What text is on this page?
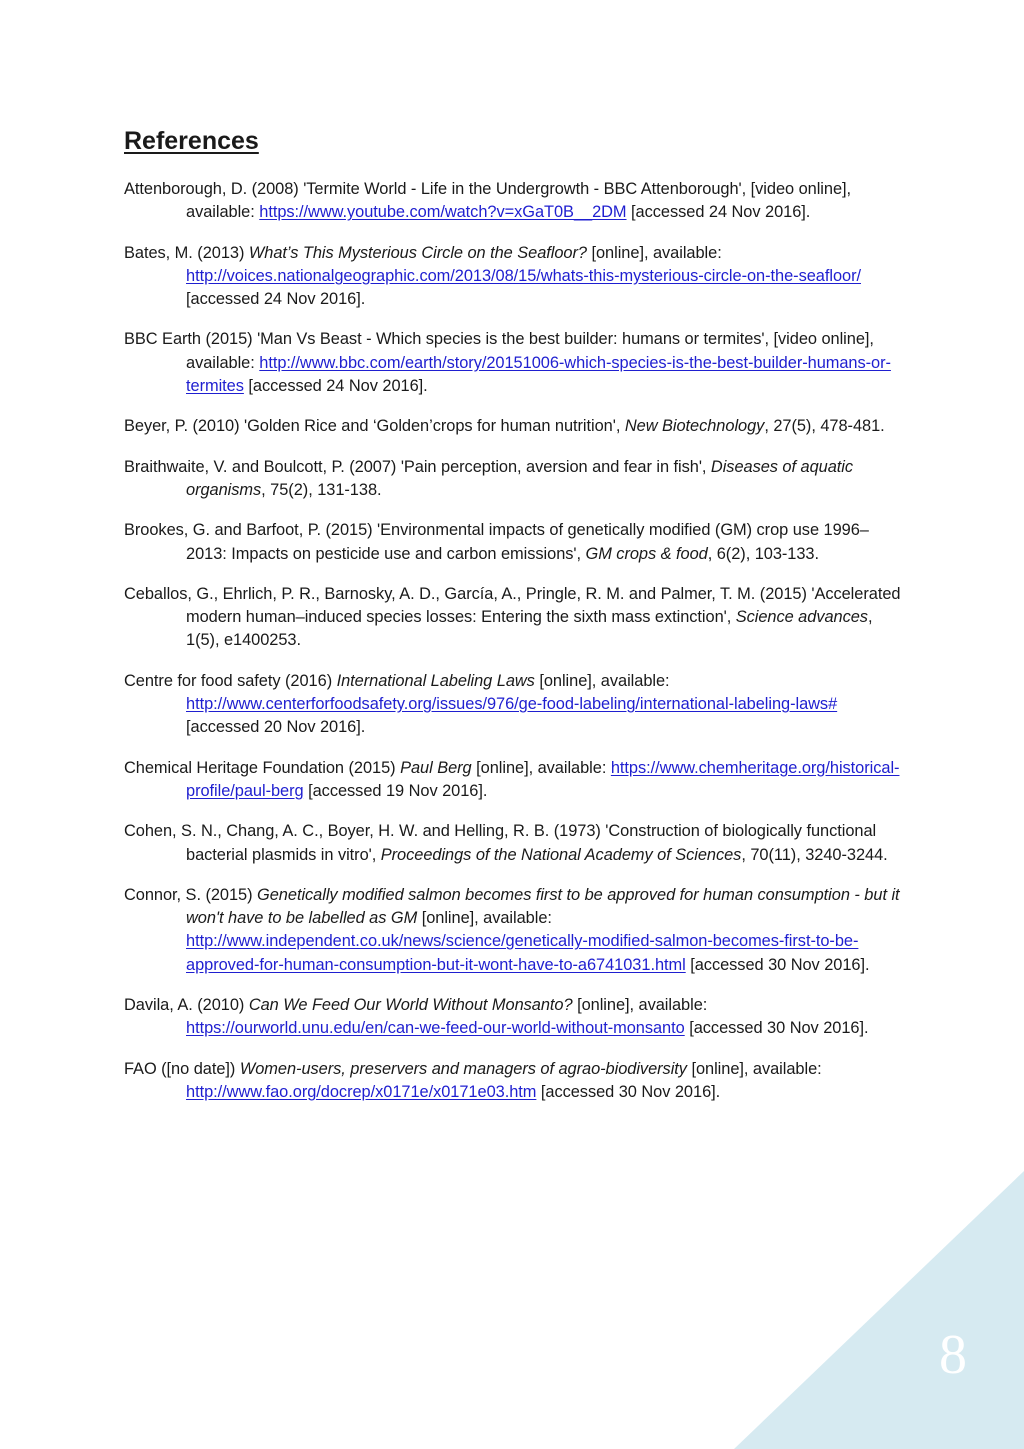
References

Attenborough, D. (2008) 'Termite World - Life in the Undergrowth - BBC Attenborough', [video online], available: https://www.youtube.com/watch?v=xGaT0B__2DM [accessed 24 Nov 2016].

Bates, M. (2013) What’s This Mysterious Circle on the Seafloor? [online], available: http://voices.nationalgeographic.com/2013/08/15/whats-this-mysterious-circle-on-the-seafloor/ [accessed 24 Nov 2016].

BBC Earth (2015) 'Man Vs Beast - Which species is the best builder: humans or termites', [video online], available: http://www.bbc.com/earth/story/20151006-which-species-is-the-best-builder-humans-or-termites [accessed 24 Nov 2016].

Beyer, P. (2010) 'Golden Rice and ‘Golden’crops for human nutrition', New Biotechnology, 27(5), 478-481.

Braithwaite, V. and Boulcott, P. (2007) 'Pain perception, aversion and fear in fish', Diseases of aquatic organisms, 75(2), 131-138.

Brookes, G. and Barfoot, P. (2015) 'Environmental impacts of genetically modified (GM) crop use 1996–2013: Impacts on pesticide use and carbon emissions', GM crops & food, 6(2), 103-133.

Ceballos, G., Ehrlich, P. R., Barnosky, A. D., García, A., Pringle, R. M. and Palmer, T. M. (2015) 'Accelerated modern human–induced species losses: Entering the sixth mass extinction', Science advances, 1(5), e1400253.

Centre for food safety (2016) International Labeling Laws [online], available: http://www.centerforfoodsafety.org/issues/976/ge-food-labeling/international-labeling-laws# [accessed 20 Nov 2016].

Chemical Heritage Foundation (2015) Paul Berg [online], available: https://www.chemheritage.org/historical-profile/paul-berg [accessed 19 Nov 2016].

Cohen, S. N., Chang, A. C., Boyer, H. W. and Helling, R. B. (1973) 'Construction of biologically functional bacterial plasmids in vitro', Proceedings of the National Academy of Sciences, 70(11), 3240-3244.

Connor, S. (2015) Genetically modified salmon becomes first to be approved for human consumption - but it won't have to be labelled as GM [online], available: http://www.independent.co.uk/news/science/genetically-modified-salmon-becomes-first-to-be-approved-for-human-consumption-but-it-wont-have-to-a6741031.html [accessed 30 Nov 2016].

Davila, A. (2010) Can We Feed Our World Without Monsanto? [online], available: https://ourworld.unu.edu/en/can-we-feed-our-world-without-monsanto [accessed 30 Nov 2016].

FAO ([no date]) Women-users, preservers and managers of agrao-biodiversity [online], available: http://www.fao.org/docrep/x0171e/x0171e03.htm [accessed 30 Nov 2016].

8
